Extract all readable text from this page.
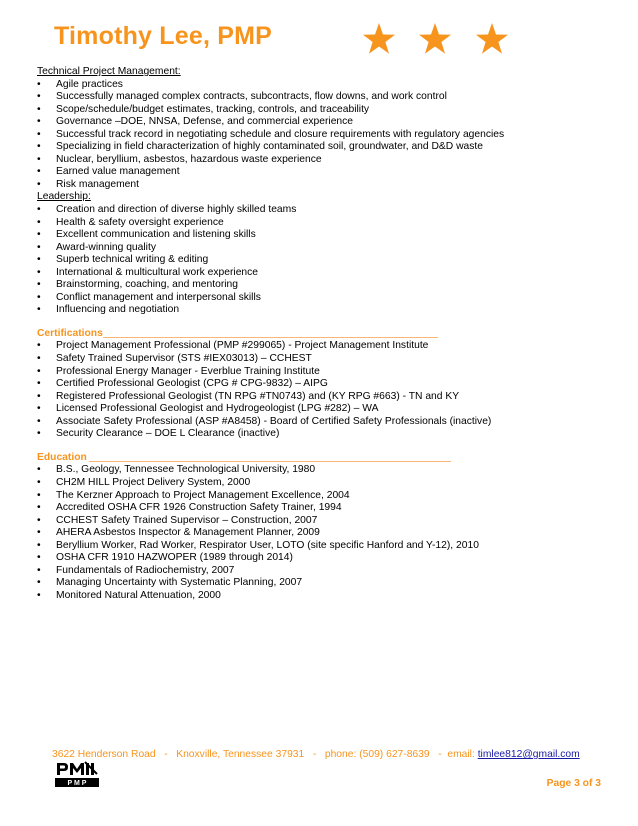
Timothy Lee, PMP
Technical Project Management:
• Agile practices
• Successfully managed complex contracts, subcontracts, flow downs, and work control
• Scope/schedule/budget estimates, tracking, controls, and traceability
• Governance –DOE, NNSA, Defense, and commercial experience
• Successful track record in negotiating schedule and closure requirements with regulatory agencies
• Specializing in field characterization of highly contaminated soil, groundwater, and D&D waste
• Nuclear, beryllium, asbestos, hazardous waste experience
• Earned value management
• Risk management
Leadership:
• Creation and direction of diverse highly skilled teams
• Health & safety oversight experience
• Excellent communication and listening skills
• Award-winning quality
• Superb technical writing & editing
• International & multicultural work experience
• Brainstorming, coaching, and mentoring
• Conflict management and interpersonal skills
• Influencing and negotiation
Certifications
• Project Management Professional (PMP #299065) - Project Management Institute
• Safety Trained Supervisor (STS #IEX03013) – CCHEST
• Professional Energy Manager - Everblue Training Institute
• Certified Professional Geologist (CPG # CPG-9832) – AIPG
• Registered Professional Geologist (TN RPG #TN0743) and (KY RPG #663) - TN and KY
• Licensed Professional Geologist and Hydrogeologist (LPG #282) – WA
• Associate Safety Professional (ASP #A8458) - Board of Certified Safety Professionals (inactive)
• Security Clearance – DOE L Clearance (inactive)
Education
• B.S., Geology, Tennessee Technological University, 1980
• CH2M HILL Project Delivery System, 2000
• The Kerzner Approach to Project Management Excellence, 2004
• Accredited OSHA CFR 1926 Construction Safety Trainer, 1994
• CCHEST Safety Trained Supervisor – Construction, 2007
• AHERA Asbestos Inspector & Management Planner, 2009
• Beryllium Worker, Rad Worker, Respirator User, LOTO (site specific Hanford and Y-12), 2010
• OSHA CFR 1910 HAZWOPER (1989 through 2014)
• Fundamentals of Radiochemistry, 2007
• Managing Uncertainty with Systematic Planning, 2007
• Monitored Natural Attenuation, 2000
3622 Henderson Road   -   Knoxville, Tennessee 37931   -   phone: (509) 627-8639   -  email: timlee812@gmail.com
P M P	Page 3 of 3
